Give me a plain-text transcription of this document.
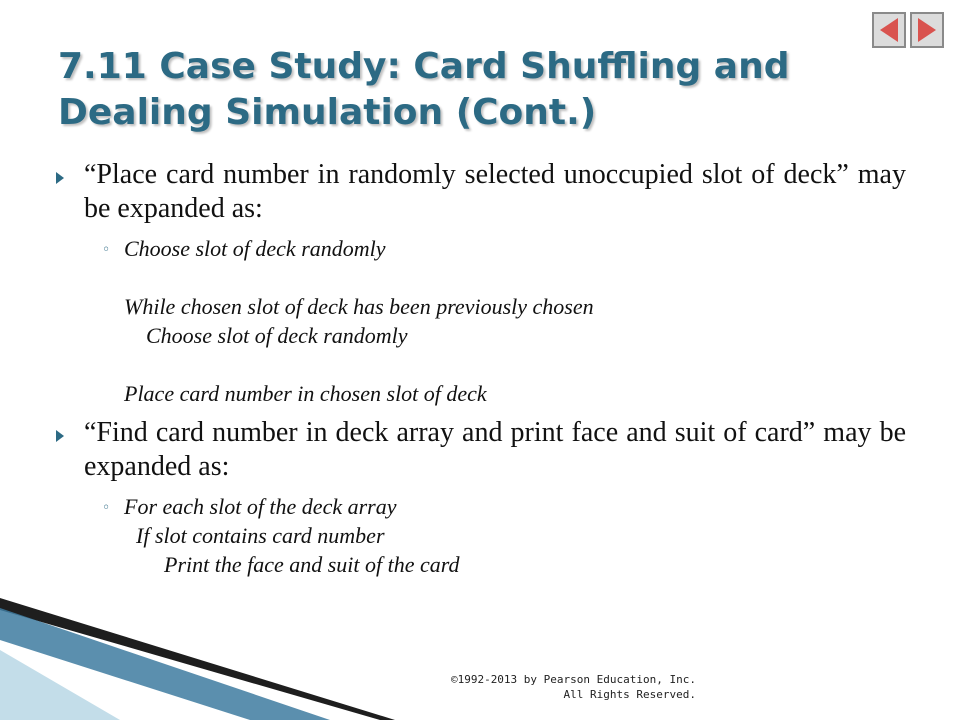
7.11 Case Study: Card Shuffling and
Dealing Simulation (Cont.)
“Place card number in randomly selected unoccupied slot of deck” may be expanded as:
◦ Choose slot of deck randomly
While chosen slot of deck has been previously chosen
Choose slot of deck randomly
Place card number in chosen slot of deck
“Find card number in deck array and print face and suit of card” may be expanded as:
◦ For each slot of the deck array
If slot contains card number
Print the face and suit of the card
©1992-2013 by Pearson Education, Inc.
All Rights Reserved.
